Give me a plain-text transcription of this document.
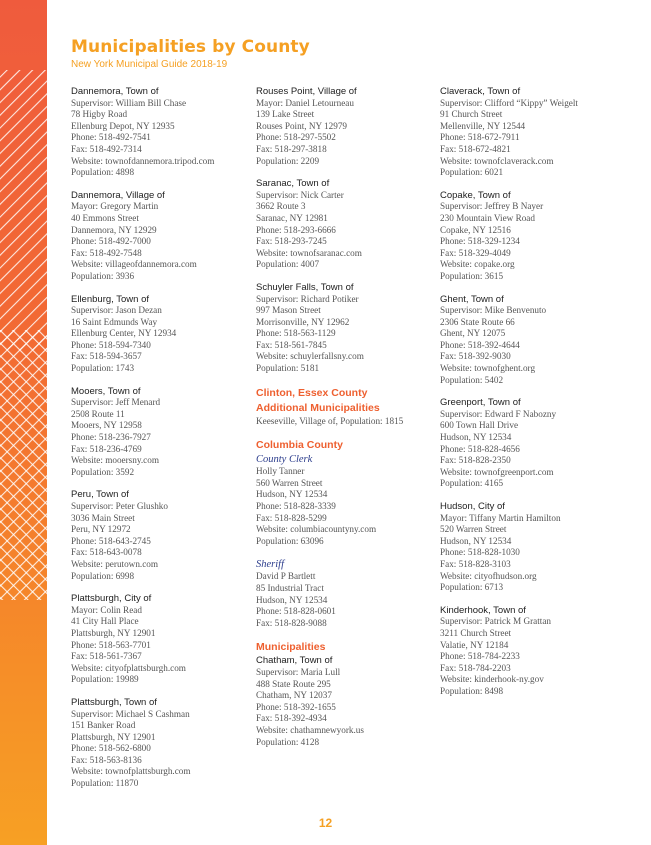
Municipalities by County
New York Municipal Guide 2018-19
Dannemora, Town of
Supervisor: William Bill Chase
78 Higby Road
Ellenburg Depot, NY 12935
Phone: 518-492-7541
Fax: 518-492-7314
Website: townofdannemora.tripod.com
Population: 4898
Dannemora, Village of
Mayor: Gregory Martin
40 Emmons Street
Dannemora, NY 12929
Phone: 518-492-7000
Fax: 518-492-7548
Website: villageofdannemora.com
Population: 3936
Ellenburg, Town of
Supervisor: Jason Dezan
16 Saint Edmunds Way
Ellenburg Center, NY 12934
Phone: 518-594-7340
Fax: 518-594-3657
Population: 1743
Mooers, Town of
Supervisor: Jeff Menard
2508 Route 11
Mooers, NY 12958
Phone: 518-236-7927
Fax: 518-236-4769
Website: mooersny.com
Population: 3592
Peru, Town of
Supervisor: Peter Glushko
3036 Main Street
Peru, NY 12972
Phone: 518-643-2745
Fax: 518-643-0078
Website: perutown.com
Population: 6998
Plattsburgh, City of
Mayor: Colin Read
41 City Hall Place
Plattsburgh, NY 12901
Phone: 518-563-7701
Fax: 518-561-7367
Website: cityofplattsburgh.com
Population: 19989
Plattsburgh, Town of
Supervisor: Michael S Cashman
151 Banker Road
Plattsburgh, NY 12901
Phone: 518-562-6800
Fax: 518-563-8136
Website: townofplattsburgh.com
Population: 11870
Rouses Point, Village of
Mayor: Daniel Letourneau
139 Lake Street
Rouses Point, NY 12979
Phone: 518-297-5502
Fax: 518-297-3818
Population: 2209
Saranac, Town of
Supervisor: Nick Carter
3662 Route 3
Saranac, NY 12981
Phone: 518-293-6666
Fax: 518-293-7245
Website: townofsaranac.com
Population: 4007
Schuyler Falls, Town of
Supervisor: Richard Potiker
997 Mason Street
Morrisonville, NY 12962
Phone: 518-563-1129
Fax: 518-561-7845
Website: schuylerfallsny.com
Population: 5181
Clinton, Essex County
Additional Municipalities
Keeseville, Village of, Population: 1815
Columbia County
County Clerk
Holly Tanner
560 Warren Street
Hudson, NY 12534
Phone: 518-828-3339
Fax: 518-828-5299
Website: columbiacountyny.com
Population: 63096
Sheriff
David P Bartlett
85 Industrial Tract
Hudson, NY 12534
Phone: 518-828-0601
Fax: 518-828-9088
Municipalities
Chatham, Town of
Supervisor: Maria Lull
488 State Route 295
Chatham, NY 12037
Phone: 518-392-1655
Fax: 518-392-4934
Website: chathamnewyork.us
Population: 4128
Claverack, Town of
Supervisor: Clifford “Kippy” Weigelt
91 Church Street
Mellenville, NY 12544
Phone: 518-672-7911
Fax: 518-672-4821
Website: townofclaverack.com
Population: 6021
Copake, Town of
Supervisor: Jeffrey B Nayer
230 Mountain View Road
Copake, NY 12516
Phone: 518-329-1234
Fax: 518-329-4049
Website: copake.org
Population: 3615
Ghent, Town of
Supervisor: Mike Benvenuto
2306 State Route 66
Ghent, NY 12075
Phone: 518-392-4644
Fax: 518-392-9030
Website: townofghent.org
Population: 5402
Greenport, Town of
Supervisor: Edward F Nabozny
600 Town Hall Drive
Hudson, NY 12534
Phone: 518-828-4656
Fax: 518-828-2350
Website: townofgreenport.com
Population: 4165
Hudson, City of
Mayor: Tiffany Martin Hamilton
520 Warren Street
Hudson, NY 12534
Phone: 518-828-1030
Fax: 518-828-3103
Website: cityofhudson.org
Population: 6713
Kinderhook, Town of
Supervisor: Patrick M Grattan
3211 Church Street
Valatie, NY 12184
Phone: 518-784-2233
Fax: 518-784-2203
Website: kinderhook-ny.gov
Population: 8498
12
